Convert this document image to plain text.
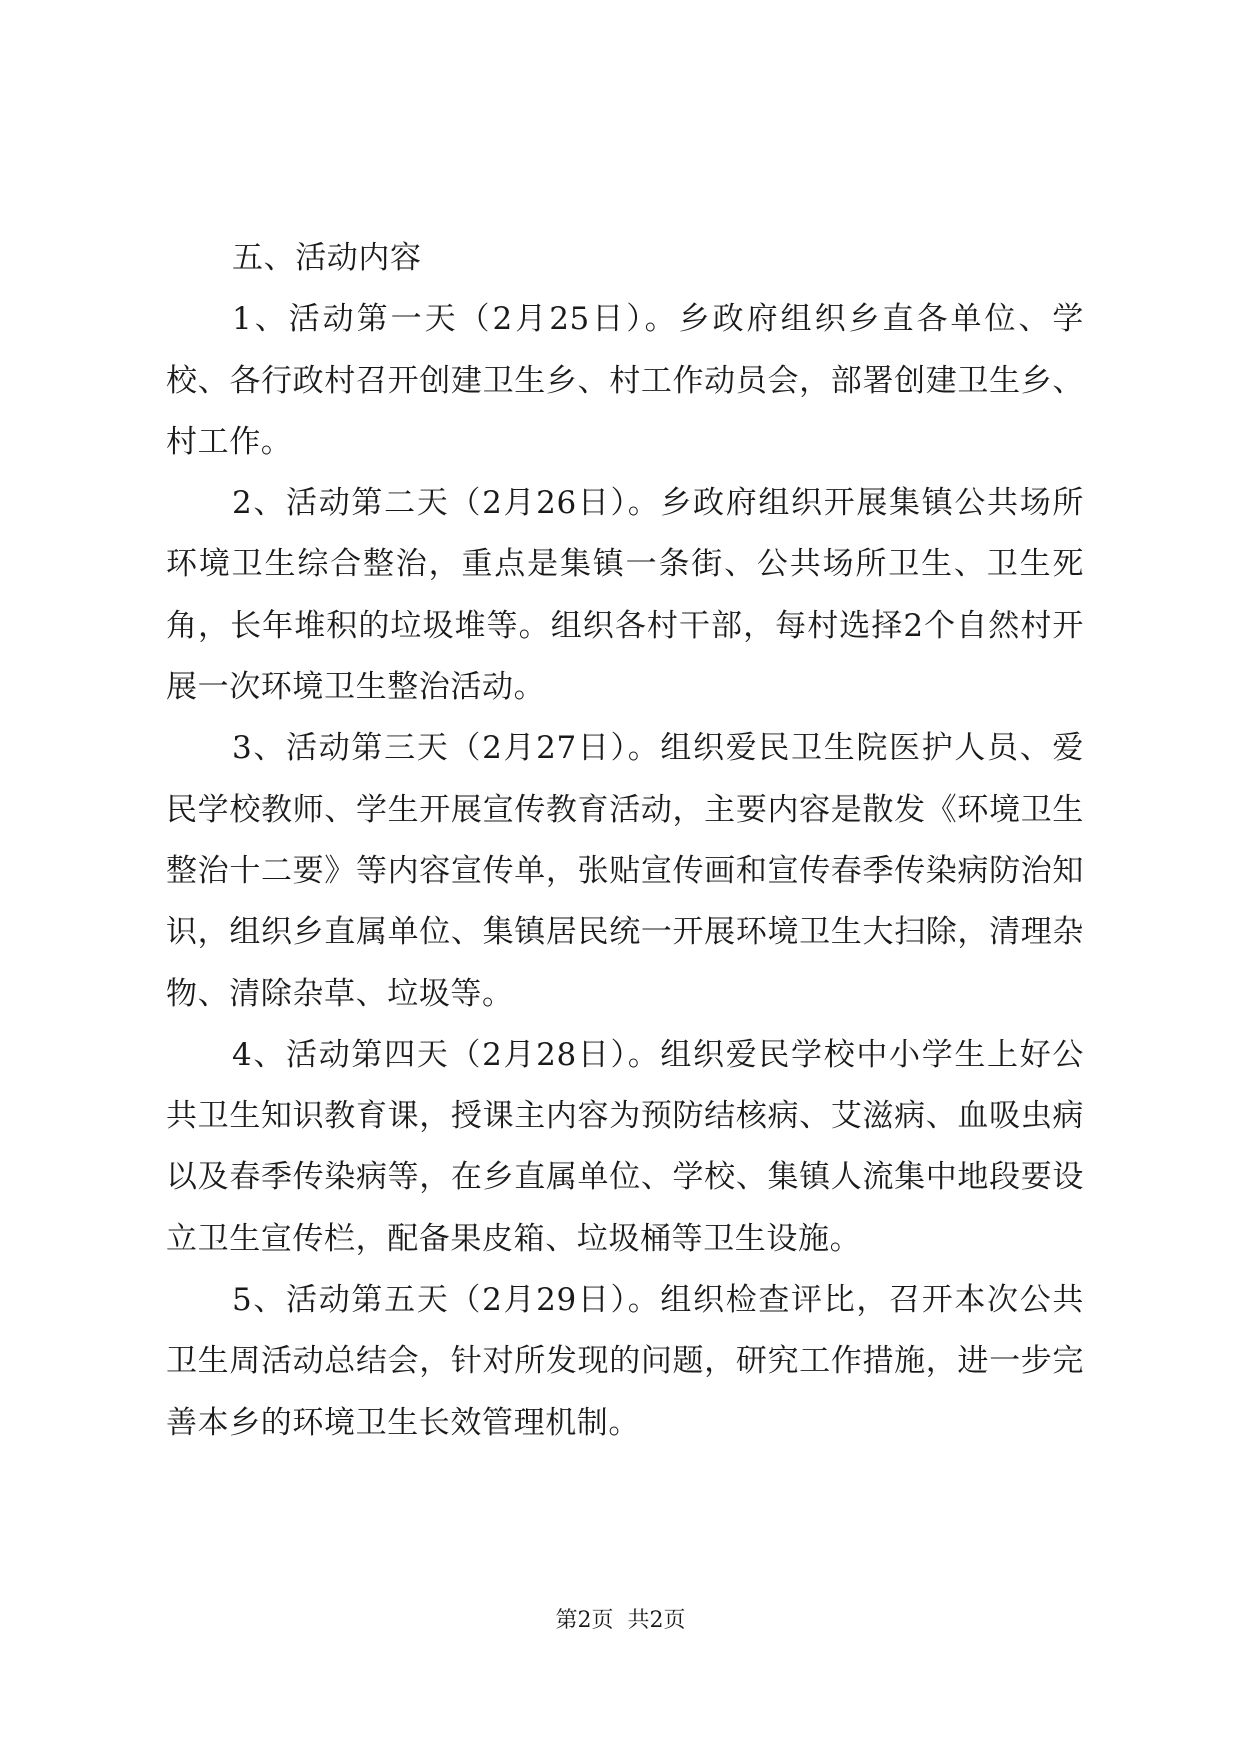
五、活动内容

1、活动第一天（2月25日）。乡政府组织乡直各单位、学校、各行政村召开创建卫生乡、村工作动员会，部署创建卫生乡、村工作。

2、活动第二天（2月26日）。乡政府组织开展集镇公共场所环境卫生综合整治，重点是集镇一条街、公共场所卫生、卫生死角，长年堆积的垃圾堆等。组织各村干部，每村选择2个自然村开展一次环境卫生整治活动。

3、活动第三天（2月27日）。组织爱民卫生院医护人员、爱民学校教师、学生开展宣传教育活动，主要内容是散发《环境卫生整治十二要》等内容宣传单，张贴宣传画和宣传春季传染病防治知识，组织乡直属单位、集镇居民统一开展环境卫生大扫除，清理杂物、清除杂草、垃圾等。

4、活动第四天（2月28日）。组织爱民学校中小学生上好公共卫生知识教育课，授课主内容为预防结核病、艾滋病、血吸虫病以及春季传染病等，在乡直属单位、学校、集镇人流集中地段要设立卫生宣传栏，配备果皮箱、垃圾桶等卫生设施。

5、活动第五天（2月29日）。组织检查评比，召开本次公共卫生周活动总结会，针对所发现的问题，研究工作措施，进一步完善本乡的环境卫生长效管理机制。

第2页 共2页
